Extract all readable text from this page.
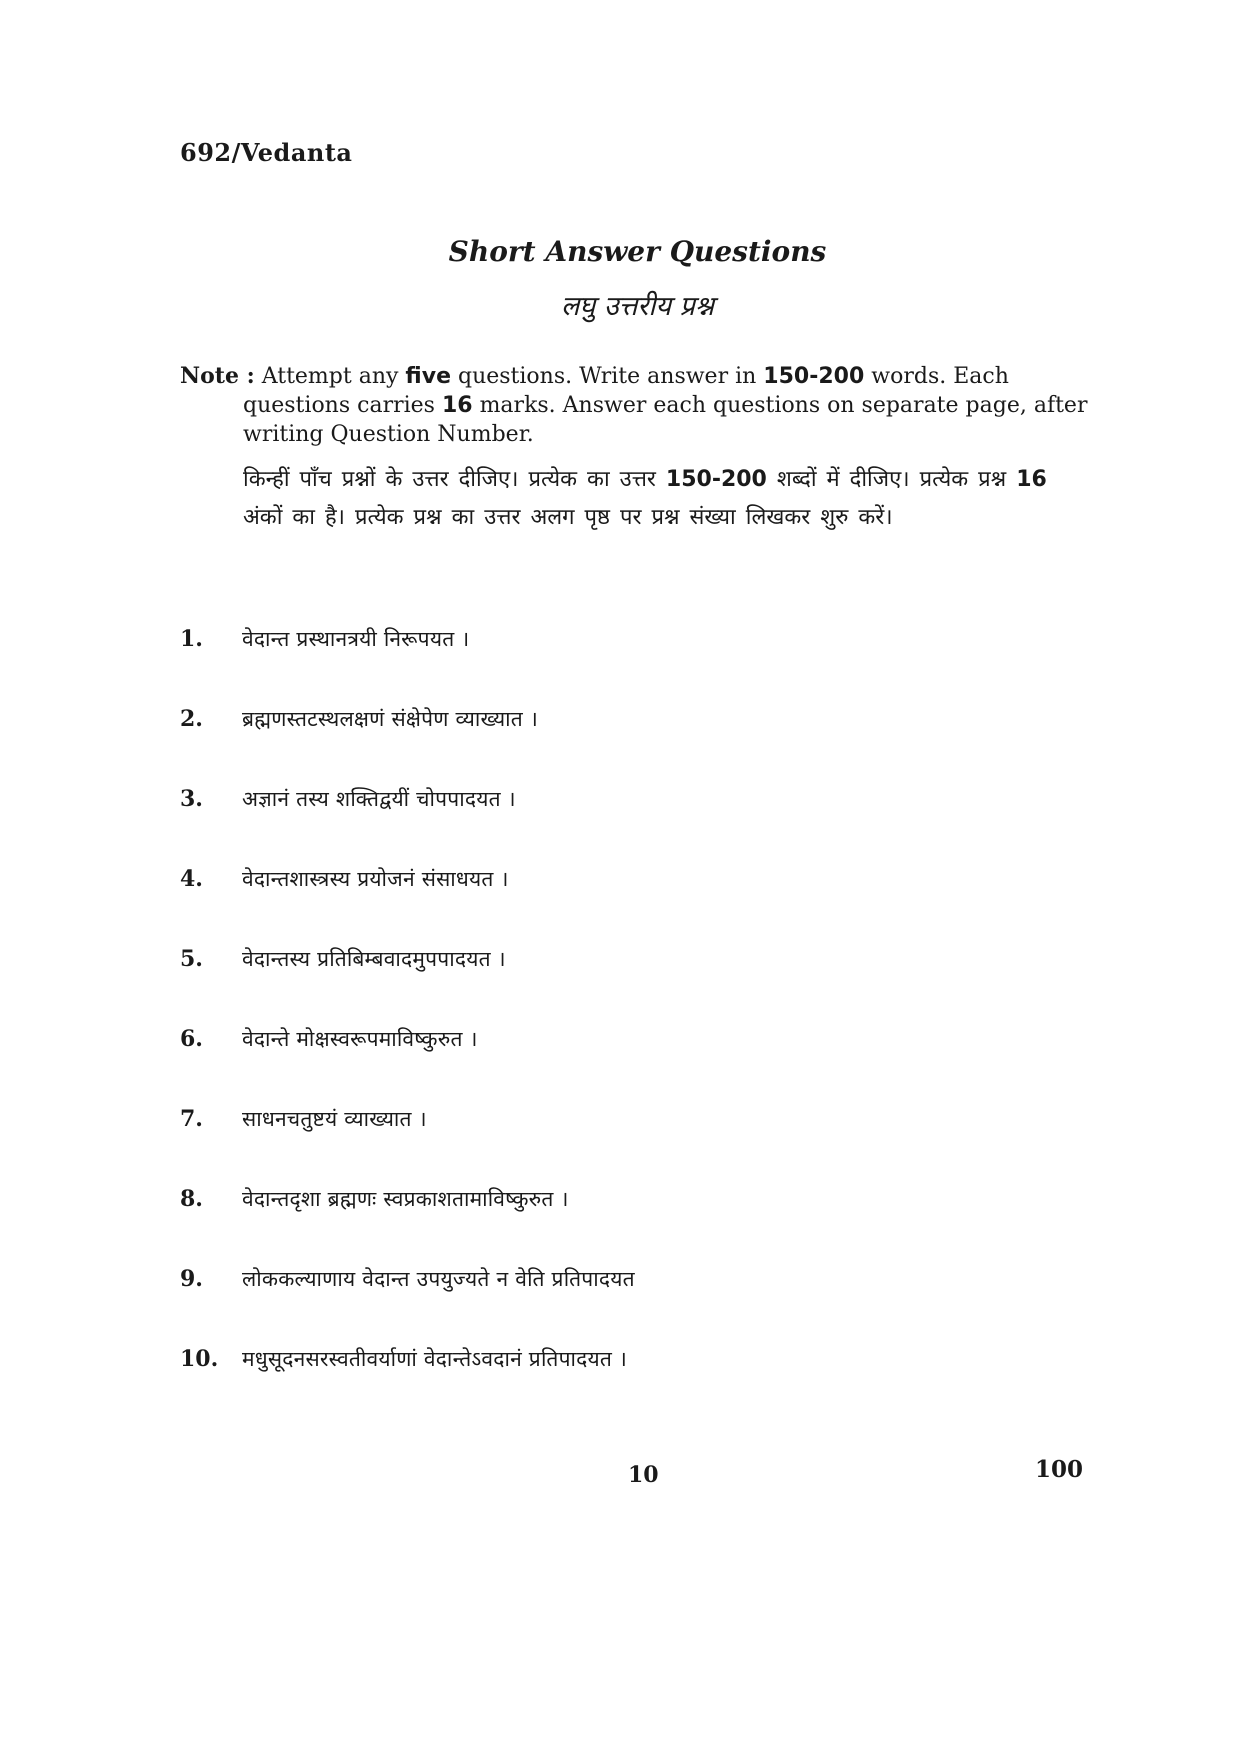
692/Vedanta
Short Answer Questions
लघु उत्तरीय प्रश्न
Note : Attempt any five questions. Write answer in 150-200 words. Each questions carries 16 marks. Answer each questions on separate page, after writing Question Number.
किन्हीं पाँच प्रश्नों के उत्तर दीजिए। प्रत्येक का उत्तर 150-200 शब्दों में दीजिए। प्रत्येक प्रश्न 16 अंकों का है। प्रत्येक प्रश्न का उत्तर अलग पृष्ठ पर प्रश्न संख्या लिखकर शुरु करें।
1.	वेदान्त प्रस्थानत्रयी निरूपयत ।
2.	ब्रह्मणस्तटस्थलक्षणं संक्षेपेण व्याख्यात ।
3.	अज्ञानं तस्य शक्तिद्वयीं चोपपादयत ।
4.	वेदान्तशास्त्रस्य प्रयोजनं संसाधयत ।
5.	वेदान्तस्य प्रतिबिम्बवादमुपपादयत ।
6.	वेदान्ते मोक्षस्वरूपमाविष्कुरुत ।
7.	साधनचतुष्टयं व्याख्यात ।
8.	वेदान्तदृशा ब्रह्मणः स्वप्रकाशतामाविष्कुरुत ।
9.	लोककल्याणाय वेदान्त उपयुज्यते न वेति प्रतिपादयत
10.	मधुसूदनसरस्वतीवर्याणां वेदान्तेऽवदानं प्रतिपादयत ।
10	100
